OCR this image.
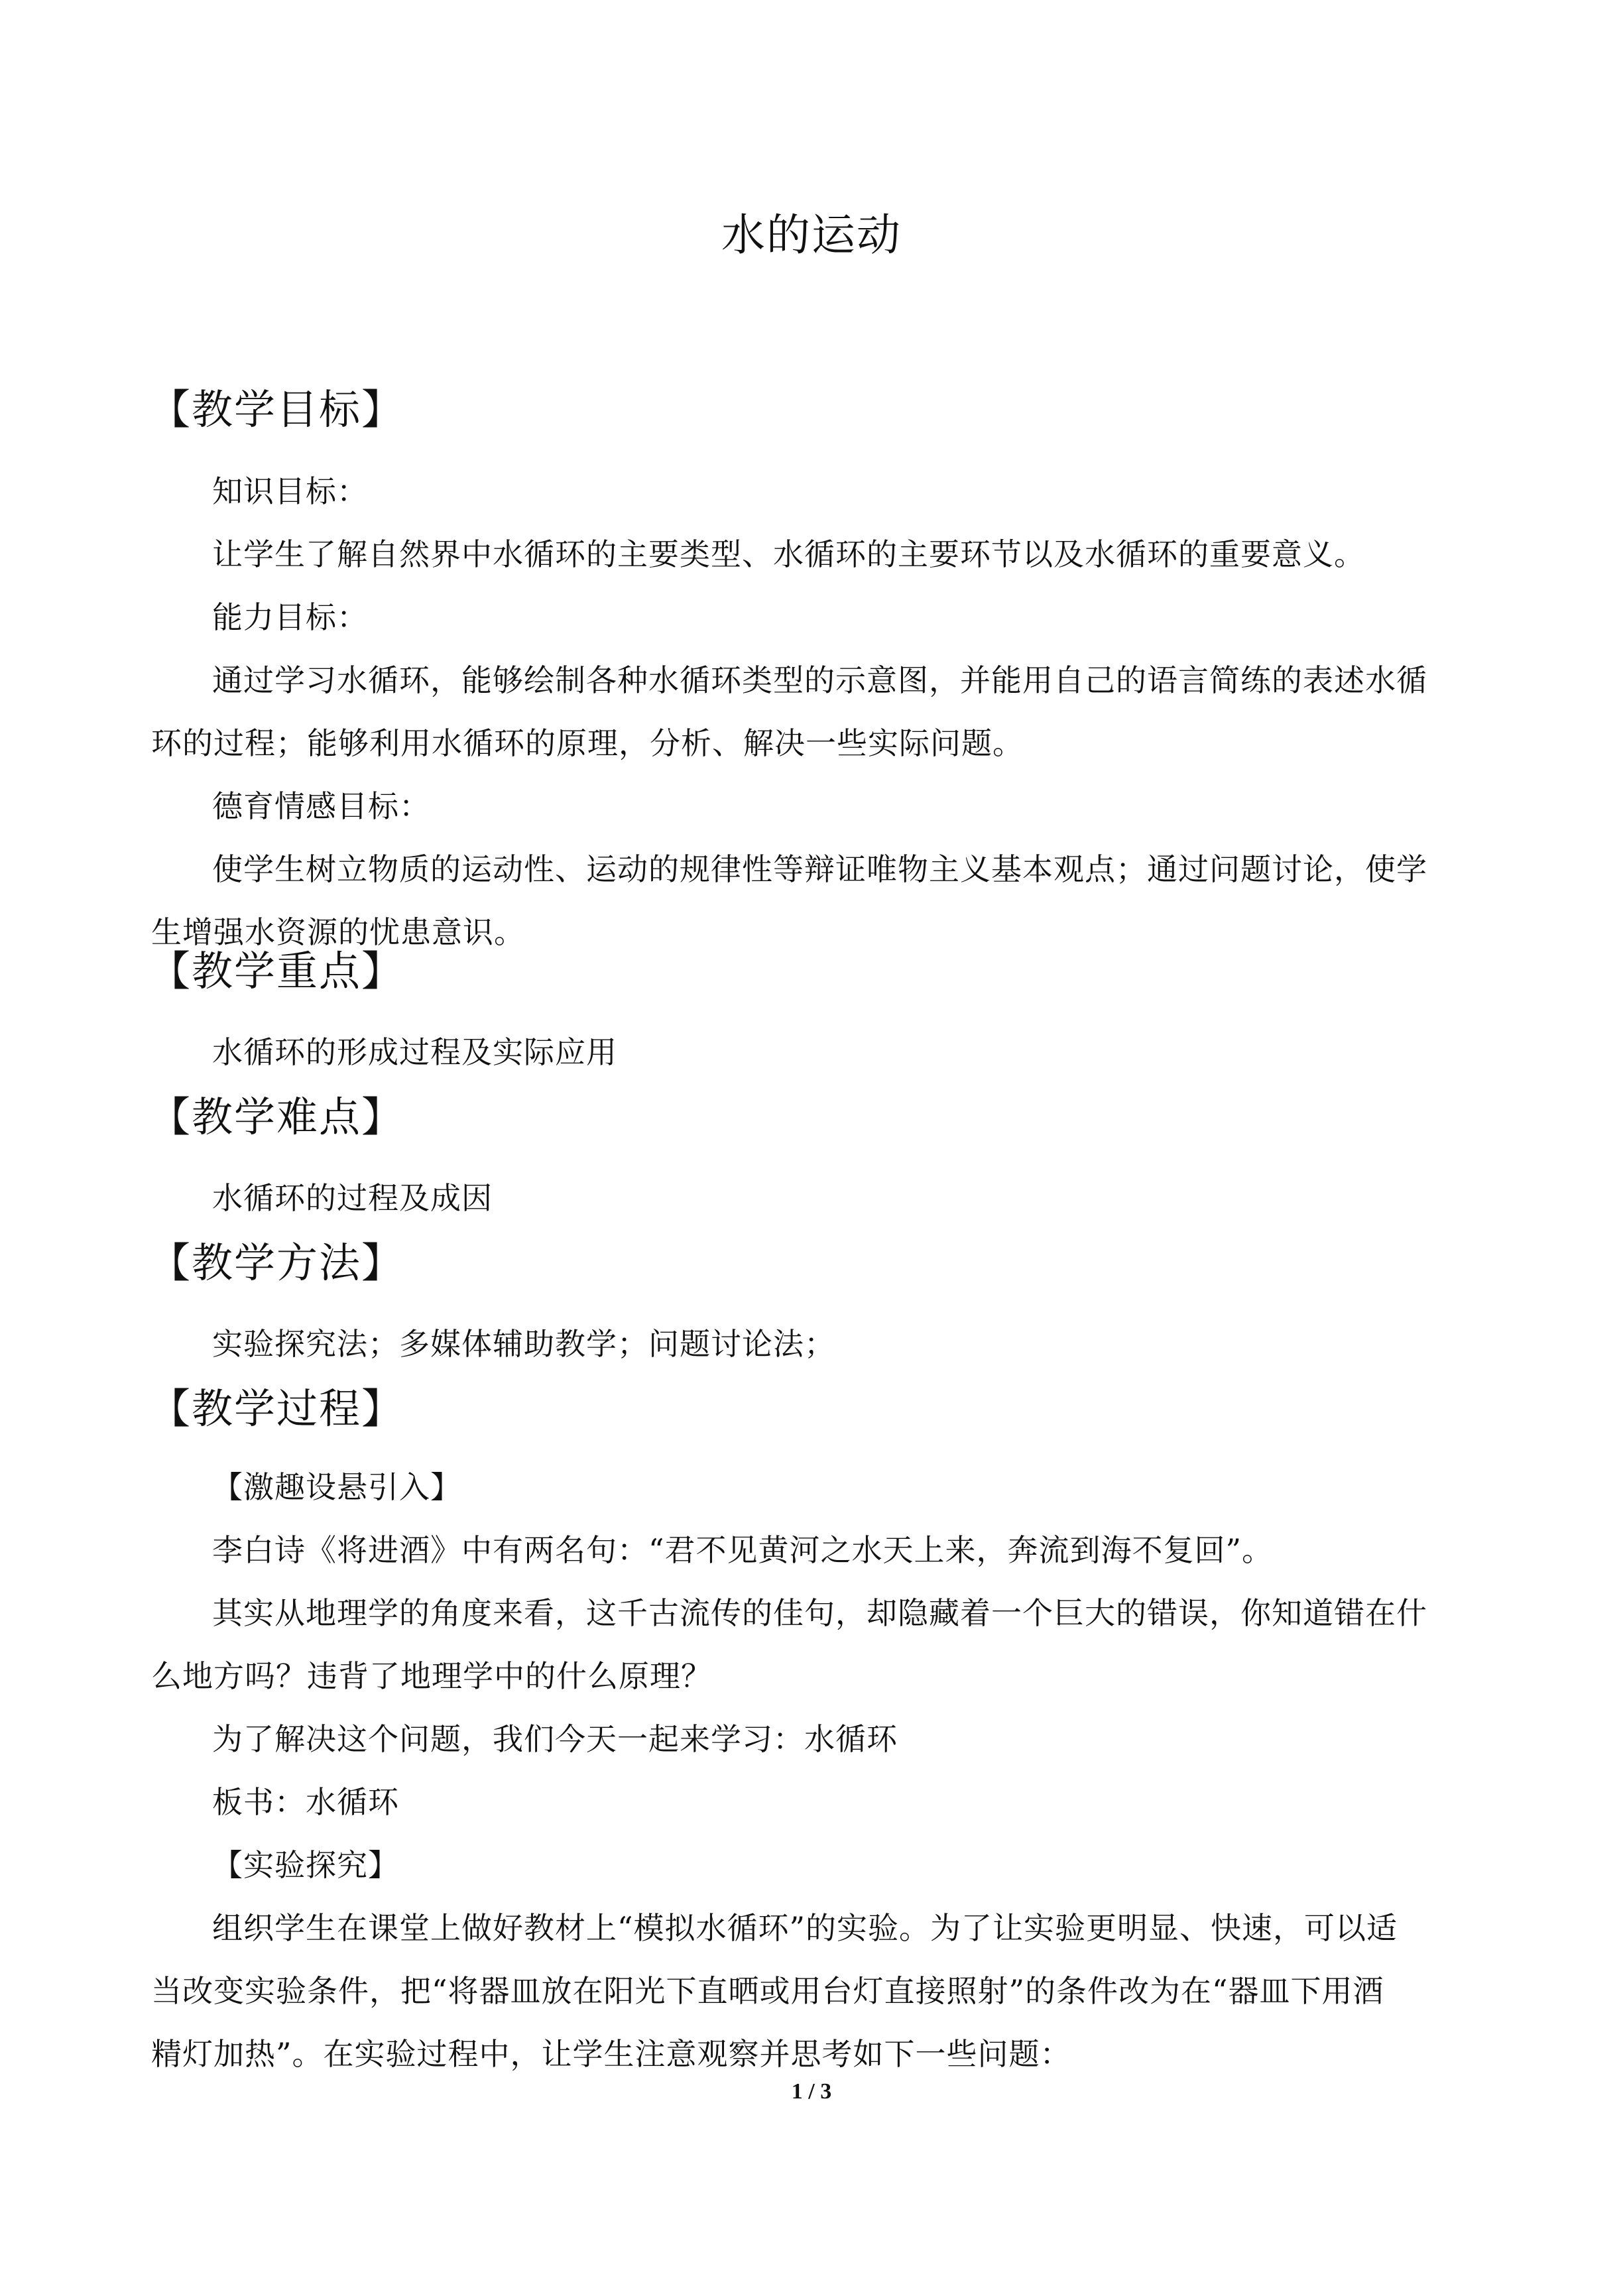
水的运动
【教学目标】
知识目标：
让学生了解自然界中水循环的主要类型、水循环的主要环节以及水循环的重要意义。
能力目标：
通过学习水循环，能够绘制各种水循环类型的示意图，并能用自己的语言简练的表述水循
环的过程；能够利用水循环的原理，分析、解决一些实际问题。
德育情感目标：
使学生树立物质的运动性、运动的规律性等辩证唯物主义基本观点；通过问题讨论，使学
生增强水资源的忧患意识。
【教学重点】
水循环的形成过程及实际应用
【教学难点】
水循环的过程及成因
【教学方法】
实验探究法；多媒体辅助教学；问题讨论法；
【教学过程】
【激趣设悬引入】
李白诗《将进酒》中有两名句：“君不见黄河之水天上来，奔流到海不复回”。
其实从地理学的角度来看，这千古流传的佳句，却隐藏着一个巨大的错误，你知道错在什
么地方吗？违背了地理学中的什么原理？
为了解决这个问题，我们今天一起来学习：水循环
板书：水循环
【实验探究】
组织学生在课堂上做好教材上“模拟水循环”的实验。为了让实验更明显、快速，可以适
当改变实验条件，把“将器皿放在阳光下直晒或用台灯直接照射”的条件改为在“器皿下用酒
精灯加热”。在实验过程中，让学生注意观察并思考如下一些问题：
1 / 3
